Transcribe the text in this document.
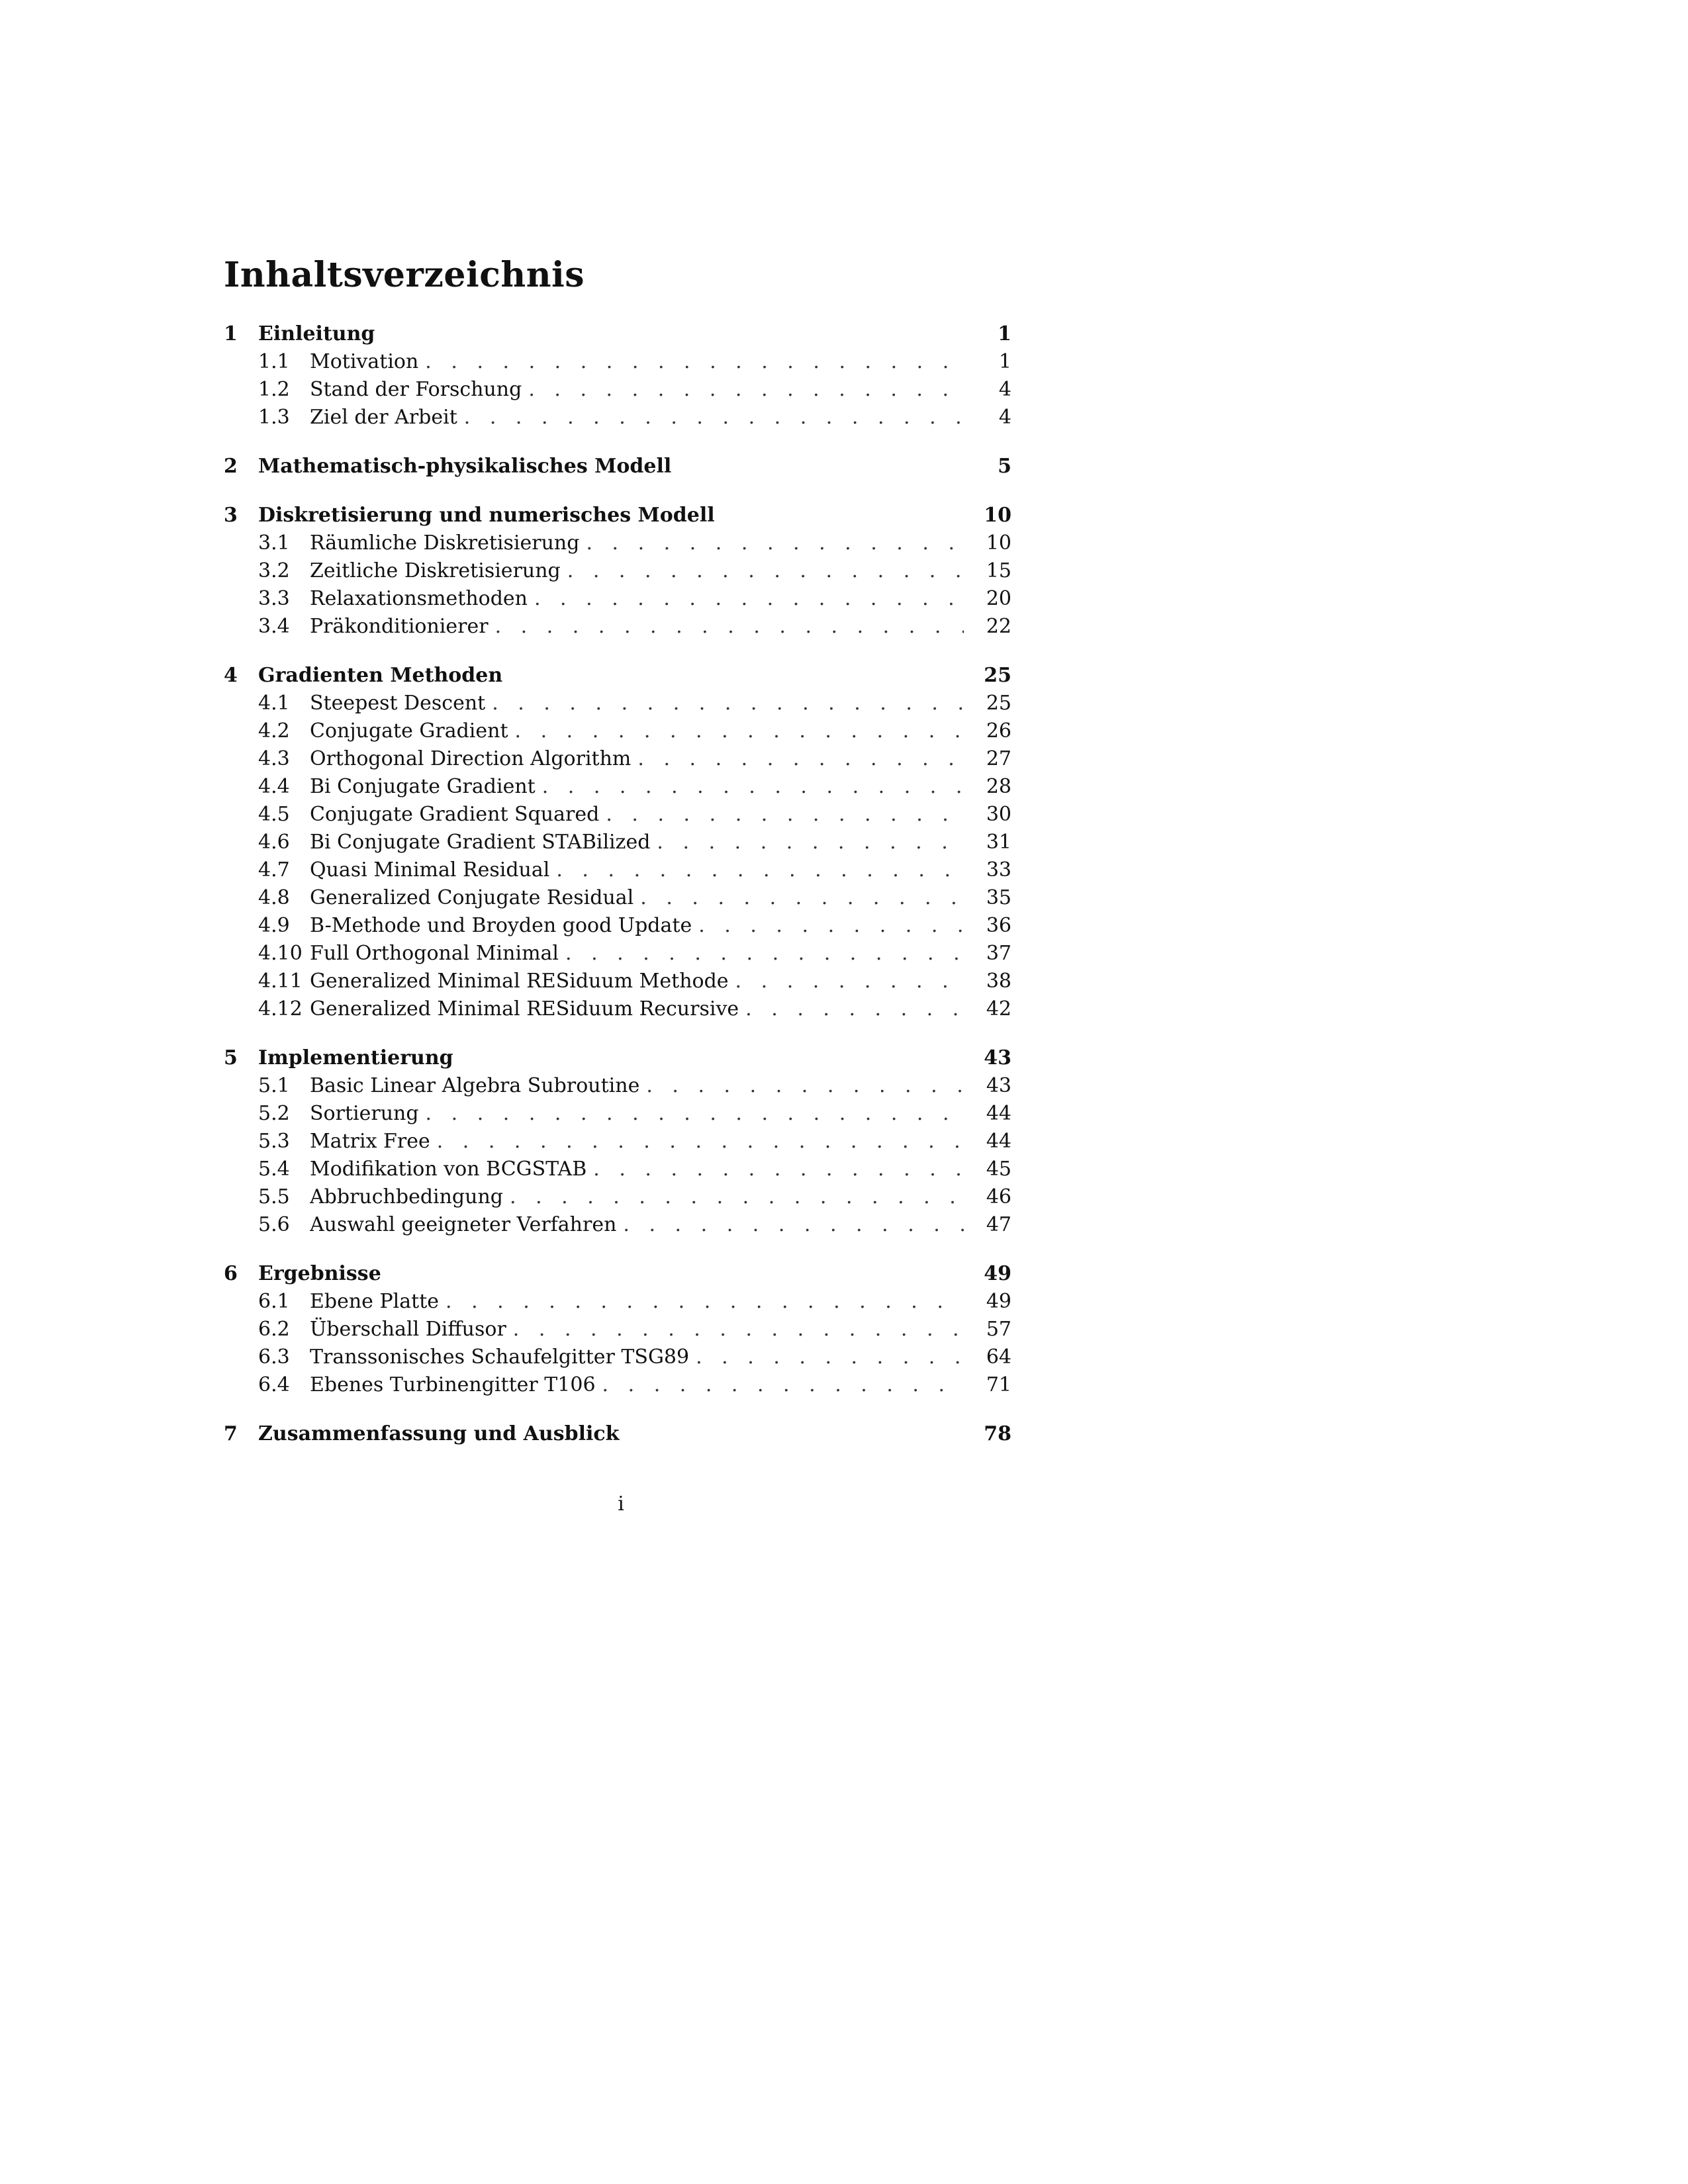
Inhaltsverzeichnis
1 Einleitung	1
1.1 Motivation . . .	1
1.2 Stand der Forschung . . .	4
1.3 Ziel der Arbeit . . .	4
2 Mathematisch-physikalisches Modell	5
3 Diskretisierung und numerisches Modell	10
3.1 Räumliche Diskretisierung . . .	10
3.2 Zeitliche Diskretisierung . . .	15
3.3 Relaxationsmethoden . . .	20
3.4 Präkonditionierer . . .	22
4 Gradienten Methoden	25
4.1 Steepest Descent . . .	25
4.2 Conjugate Gradient . . .	26
4.3 Orthogonal Direction Algorithm . . .	27
4.4 Bi Conjugate Gradient . . .	28
4.5 Conjugate Gradient Squared . . .	30
4.6 Bi Conjugate Gradient STABilized . . .	31
4.7 Quasi Minimal Residual . . .	33
4.8 Generalized Conjugate Residual . . .	35
4.9 B-Methode und Broyden good Update . . .	36
4.10 Full Orthogonal Minimal . . .	37
4.11 Generalized Minimal RESiduum Methode . . .	38
4.12 Generalized Minimal RESiduum Recursive . . .	42
5 Implementierung	43
5.1 Basic Linear Algebra Subroutine . . .	43
5.2 Sortierung . . .	44
5.3 Matrix Free . . .	44
5.4 Modifikation von BCGSTAB . . .	45
5.5 Abbruchbedingung . . .	46
5.6 Auswahl geeigneter Verfahren . . .	47
6 Ergebnisse	49
6.1 Ebene Platte . . .	49
6.2 Überschall Diffusor . . .	57
6.3 Transsonisches Schaufelgitter TSG89 . . .	64
6.4 Ebenes Turbinengitter T106 . . .	71
7 Zusammenfassung und Ausblick	78
i
